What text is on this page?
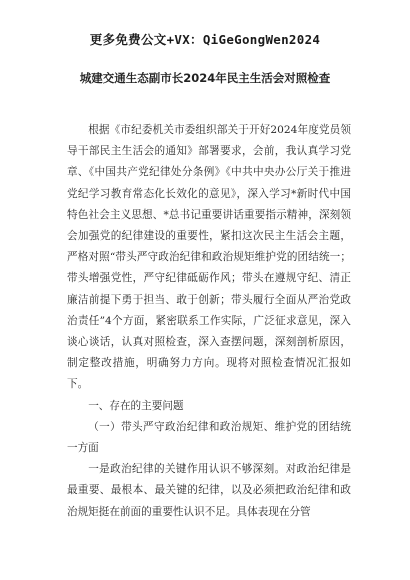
更多免费公文+VX：QiGeGongWen2024
城建交通生态副市长2024年民主生活会对照检查

根据《市纪委机关市委组织部关于开好2024年度党员领导干部民主生活会的通知》部署要求，会前，我认真学习党章、《中国共产党纪律处分条例》《中共中央办公厅关于推进党纪学习教育常态化长效化的意见》，深入学习*新时代中国特色社会主义思想、*总书记重要讲话重要指示精神，深刻领会加强党的纪律建设的重要性，紧扣这次民主生活会主题，严格对照“带头严守政治纪律和政治规矩维护党的团结统一；带头增强党性，严守纪律砥砺作风；带头在遵规守纪、清正廉洁前提下勇于担当、敢于创新；带头履行全面从严治党政治责任”4个方面，紧密联系工作实际，广泛征求意见，深入谈心谈话，认真对照检查，深入查摆问题，深刻剖析原因，制定整改措施，明确努力方向。现将对照检查情况汇报如下。

一、存在的主要问题

（一）带头严守政治纪律和政治规矩、维护党的团结统一方面

一是政治纪律的关键作用认识不够深刻。对政治纪律是最重要、最根本、最关键的纪律，以及必须把政治纪律和政治规矩挺在前面的重要性认识不足。具体表现在分管
